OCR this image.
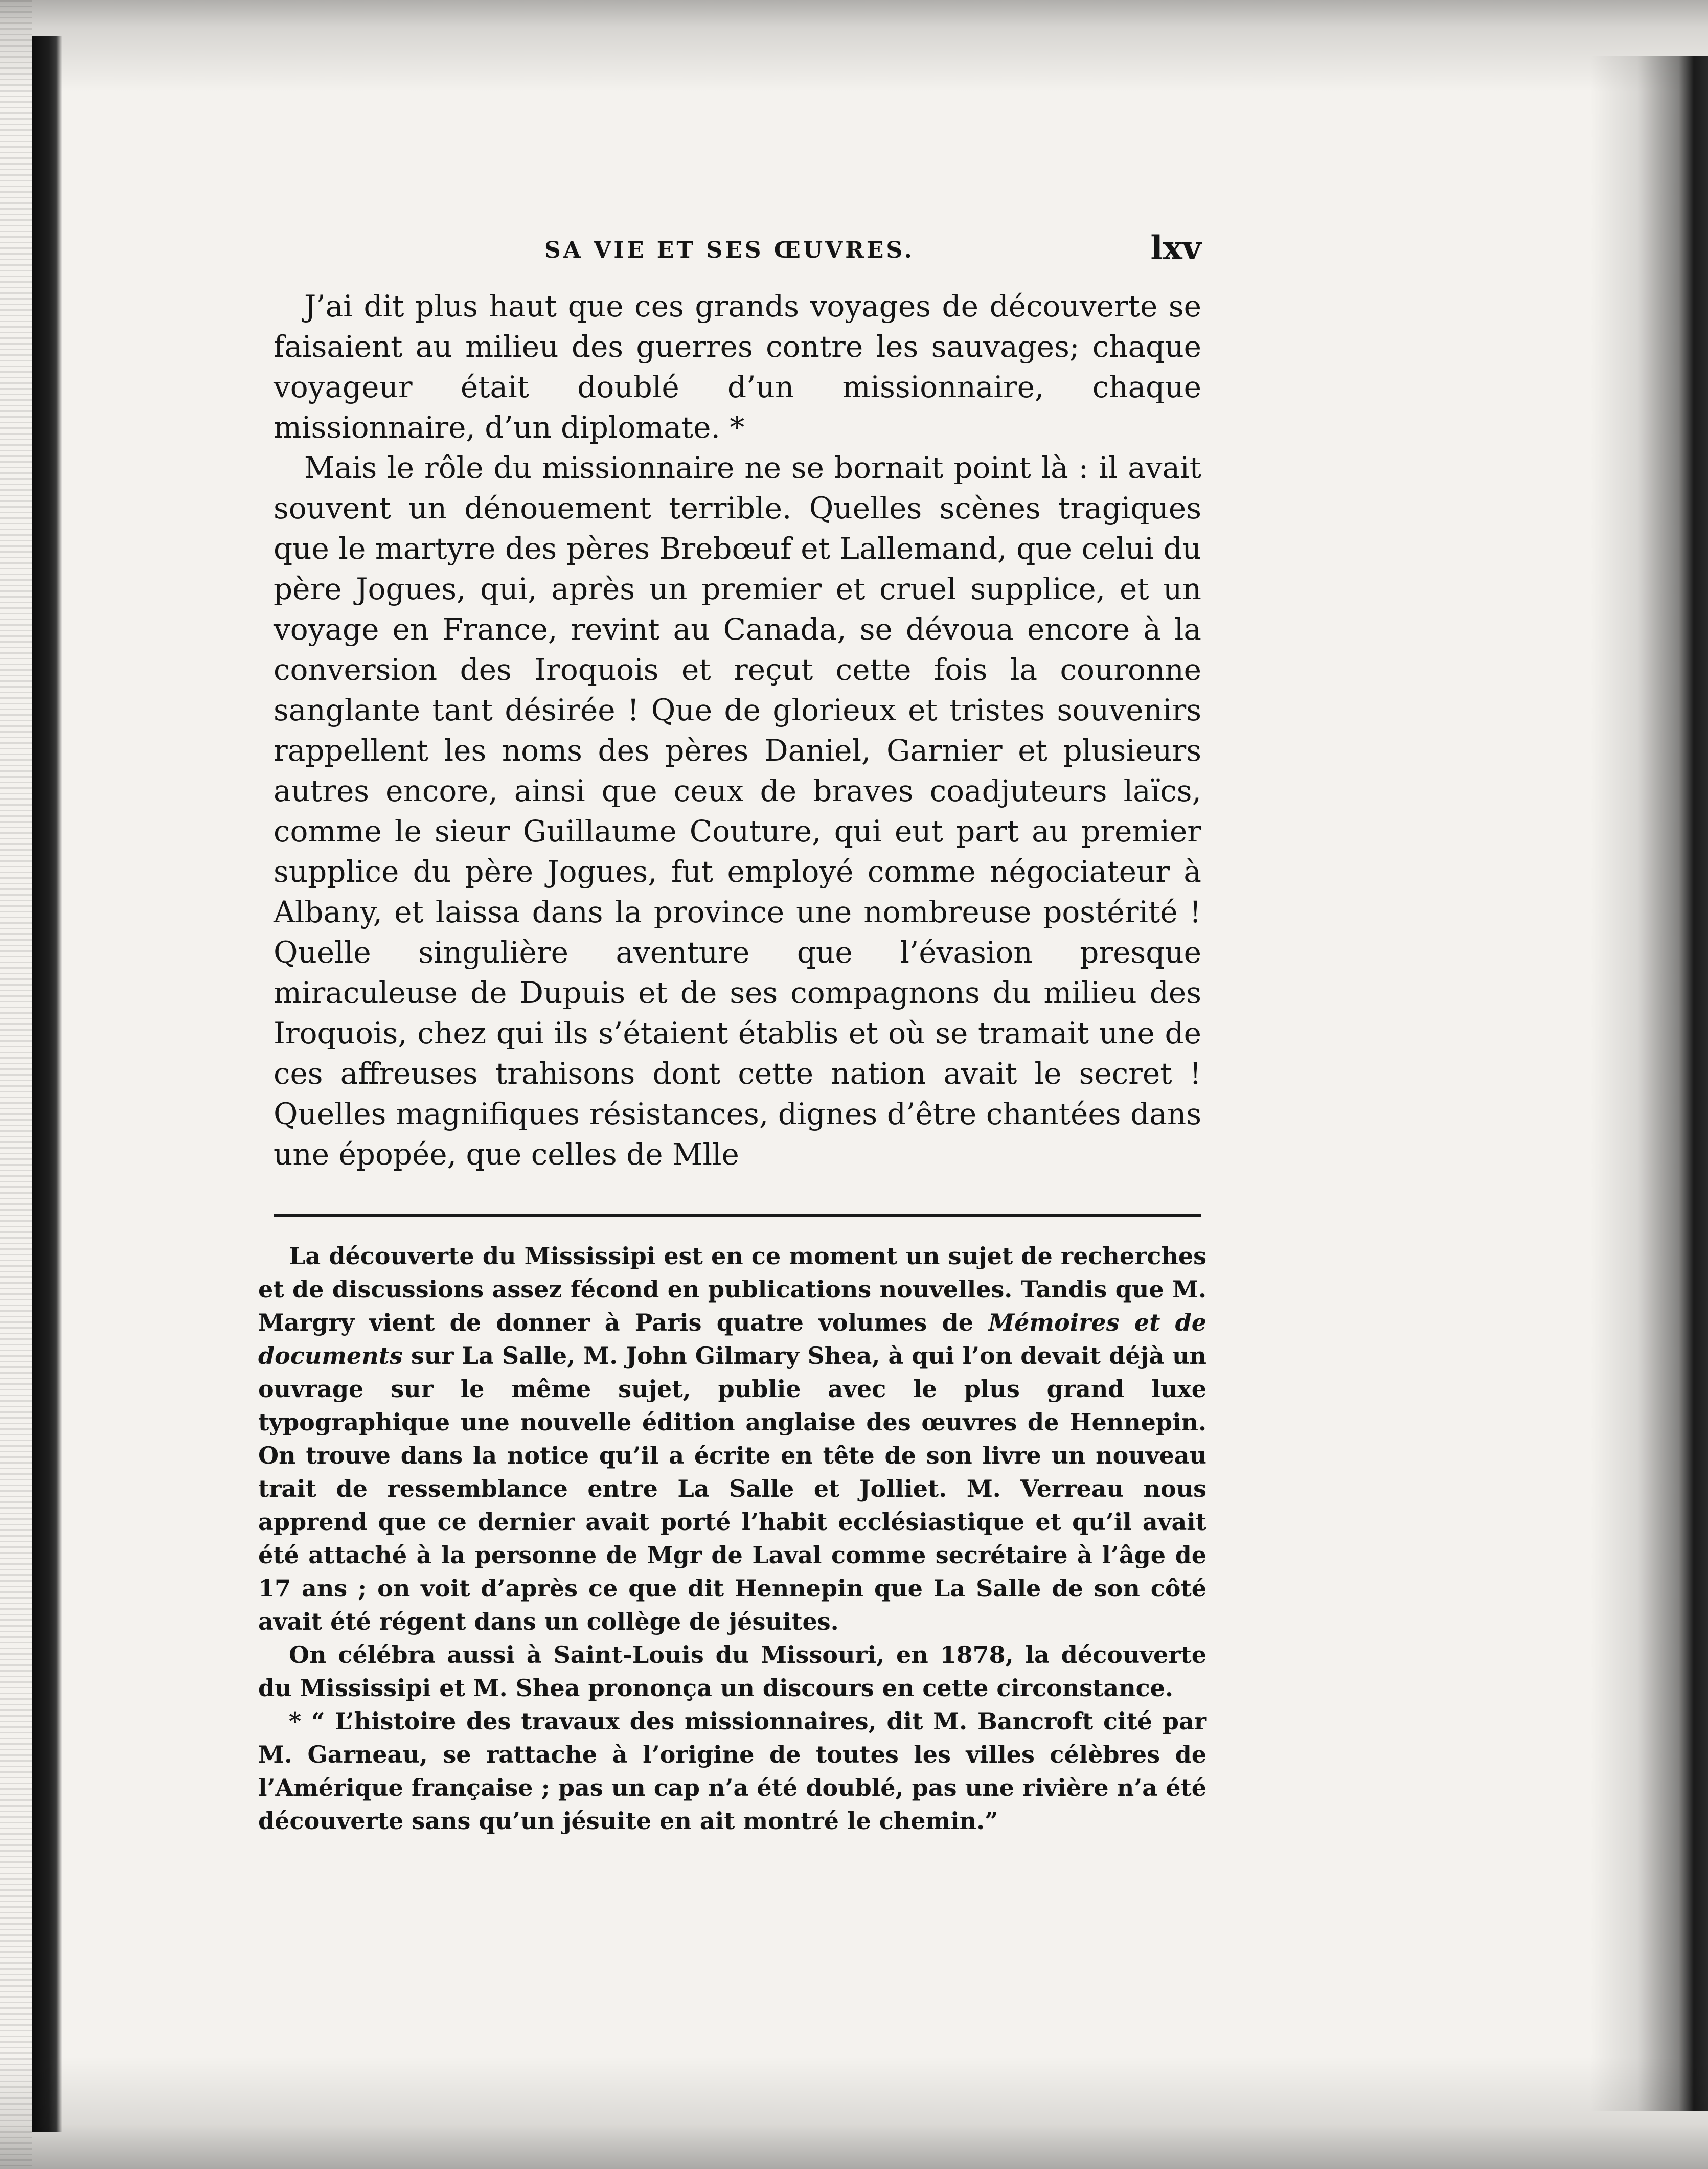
SA VIE ET SES ŒUVRES.	lxv

J’ai dit plus haut que ces grands voyages de découverte se faisaient au milieu des guerres contre les sauvages; chaque voyageur était doublé d’un missionnaire, chaque missionnaire, d’un diplomate. *

Mais le rôle du missionnaire ne se bornait point là : il avait souvent un dénouement terrible. Quelles scènes tragiques que le martyre des pères Brebœuf et Lallemand, que celui du père Jogues, qui, après un premier et cruel supplice, et un voyage en France, revint au Canada, se dévoua encore à la conversion des Iroquois et reçut cette fois la couronne sanglante tant désirée ! Que de glorieux et tristes souvenirs rappellent les noms des pères Daniel, Garnier et plusieurs autres encore, ainsi que ceux de braves coadjuteurs laïcs, comme le sieur Guillaume Couture, qui eut part au premier supplice du père Jogues, fut employé comme négociateur à Albany, et laissa dans la province une nombreuse postérité ! Quelle singulière aventure que l’évasion presque miraculeuse de Dupuis et de ses compagnons du milieu des Iroquois, chez qui ils s’étaient établis et où se tramait une de ces affreuses trahisons dont cette nation avait le secret ! Quelles magnifiques résistances, dignes d’être chantées dans une épopée, que celles de Mlle

La découverte du Mississipi est en ce moment un sujet de recherches et de discussions assez fécond en publications nouvelles. Tandis que M. Margry vient de donner à Paris quatre volumes de Mémoires et de documents sur La Salle, M. John Gilmary Shea, à qui l’on devait déjà un ouvrage sur le même sujet, publie avec le plus grand luxe typographique une nouvelle édition anglaise des œuvres de Hennepin. On trouve dans la notice qu’il a écrite en tête de son livre un nouveau trait de ressemblance entre La Salle et Jolliet. M. Verreau nous apprend que ce dernier avait porté l’habit ecclésiastique et qu’il avait été attaché à la personne de Mgr de Laval comme secrétaire à l’âge de 17 ans ; on voit d’après ce que dit Hennepin que La Salle de son côté avait été régent dans un collège de jésuites.

On célébra aussi à Saint-Louis du Missouri, en 1878, la découverte du Mississipi et M. Shea prononça un discours en cette circonstance.

* “ L’histoire des travaux des missionnaires, dit M. Bancroft cité par M. Garneau, se rattache à l’origine de toutes les villes célèbres de l’Amérique française ; pas un cap n’a été doublé, pas une rivière n’a été découverte sans qu’un jésuite en ait montré le chemin.”
